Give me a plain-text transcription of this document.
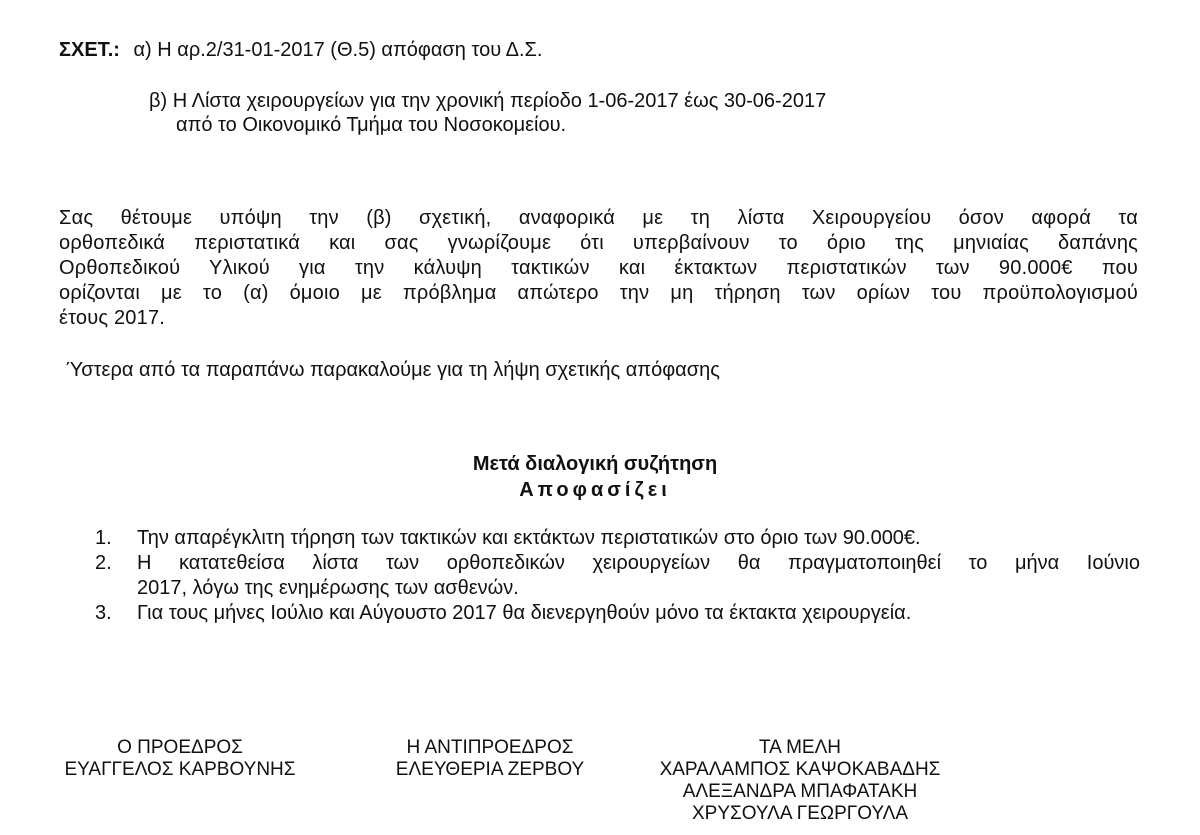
ΣΧΕΤ.: α) Η αρ.2/31-01-2017 (Θ.5) απόφαση του Δ.Σ.
β) Η Λίστα χειρουργείων για την χρονική περίοδο 1-06-2017 έως 30-06-2017
από το Οικονομικό Τμήμα του Νοσοκομείου.
Σας θέτουμε υπόψη την (β) σχετική, αναφορικά με τη λίστα Χειρουργείου όσον αφορά τα
ορθοπεδικά περιστατικά και σας γνωρίζουμε ότι υπερβαίνουν το όριο της μηνιαίας δαπάνης
Ορθοπεδικού Υλικού για την κάλυψη τακτικών και έκτακτων περιστατικών των 90.000€ που
ορίζονται με το (α) όμοιο με πρόβλημα απώτερο την μη τήρηση των ορίων του προϋπολογισμού
έτους 2017.
Ύστερα από τα παραπάνω παρακαλούμε για τη λήψη σχετικής απόφασης
Μετά διαλογική συζήτηση
Αποφασίζει
1. Την απαρέγκλιτη τήρηση των τακτικών και εκτάκτων περιστατικών στο όριο των 90.000€.
2. Η κατατεθείσα λίστα των ορθοπεδικών χειρουργείων θα πραγματοποιηθεί το μήνα Ιούνιο
2017, λόγω της ενημέρωσης των ασθενών.
3. Για τους μήνες Ιούλιο και Αύγουστο 2017 θα διενεργηθούν μόνο τα έκτακτα χειρουργεία.
Ο ΠΡΟΕΔΡΟΣ
ΕΥΑΓΓΕΛΟΣ ΚΑΡΒΟΥΝΗΣ
Η ΑΝΤΙΠΡΟΕΔΡΟΣ
ΕΛΕΥΘΕΡΙΑ ΖΕΡΒΟΥ
ΤΑ ΜΕΛΗ
ΧΑΡΑΛΑΜΠΟΣ ΚΑΨΟΚΑΒΑΔΗΣ
ΑΛΕΞΑΝΔΡΑ ΜΠΑΦΑΤΑΚΗ
ΧΡΥΣΟΥΛΑ ΓΕΩΡΓΟΥΛΑ
